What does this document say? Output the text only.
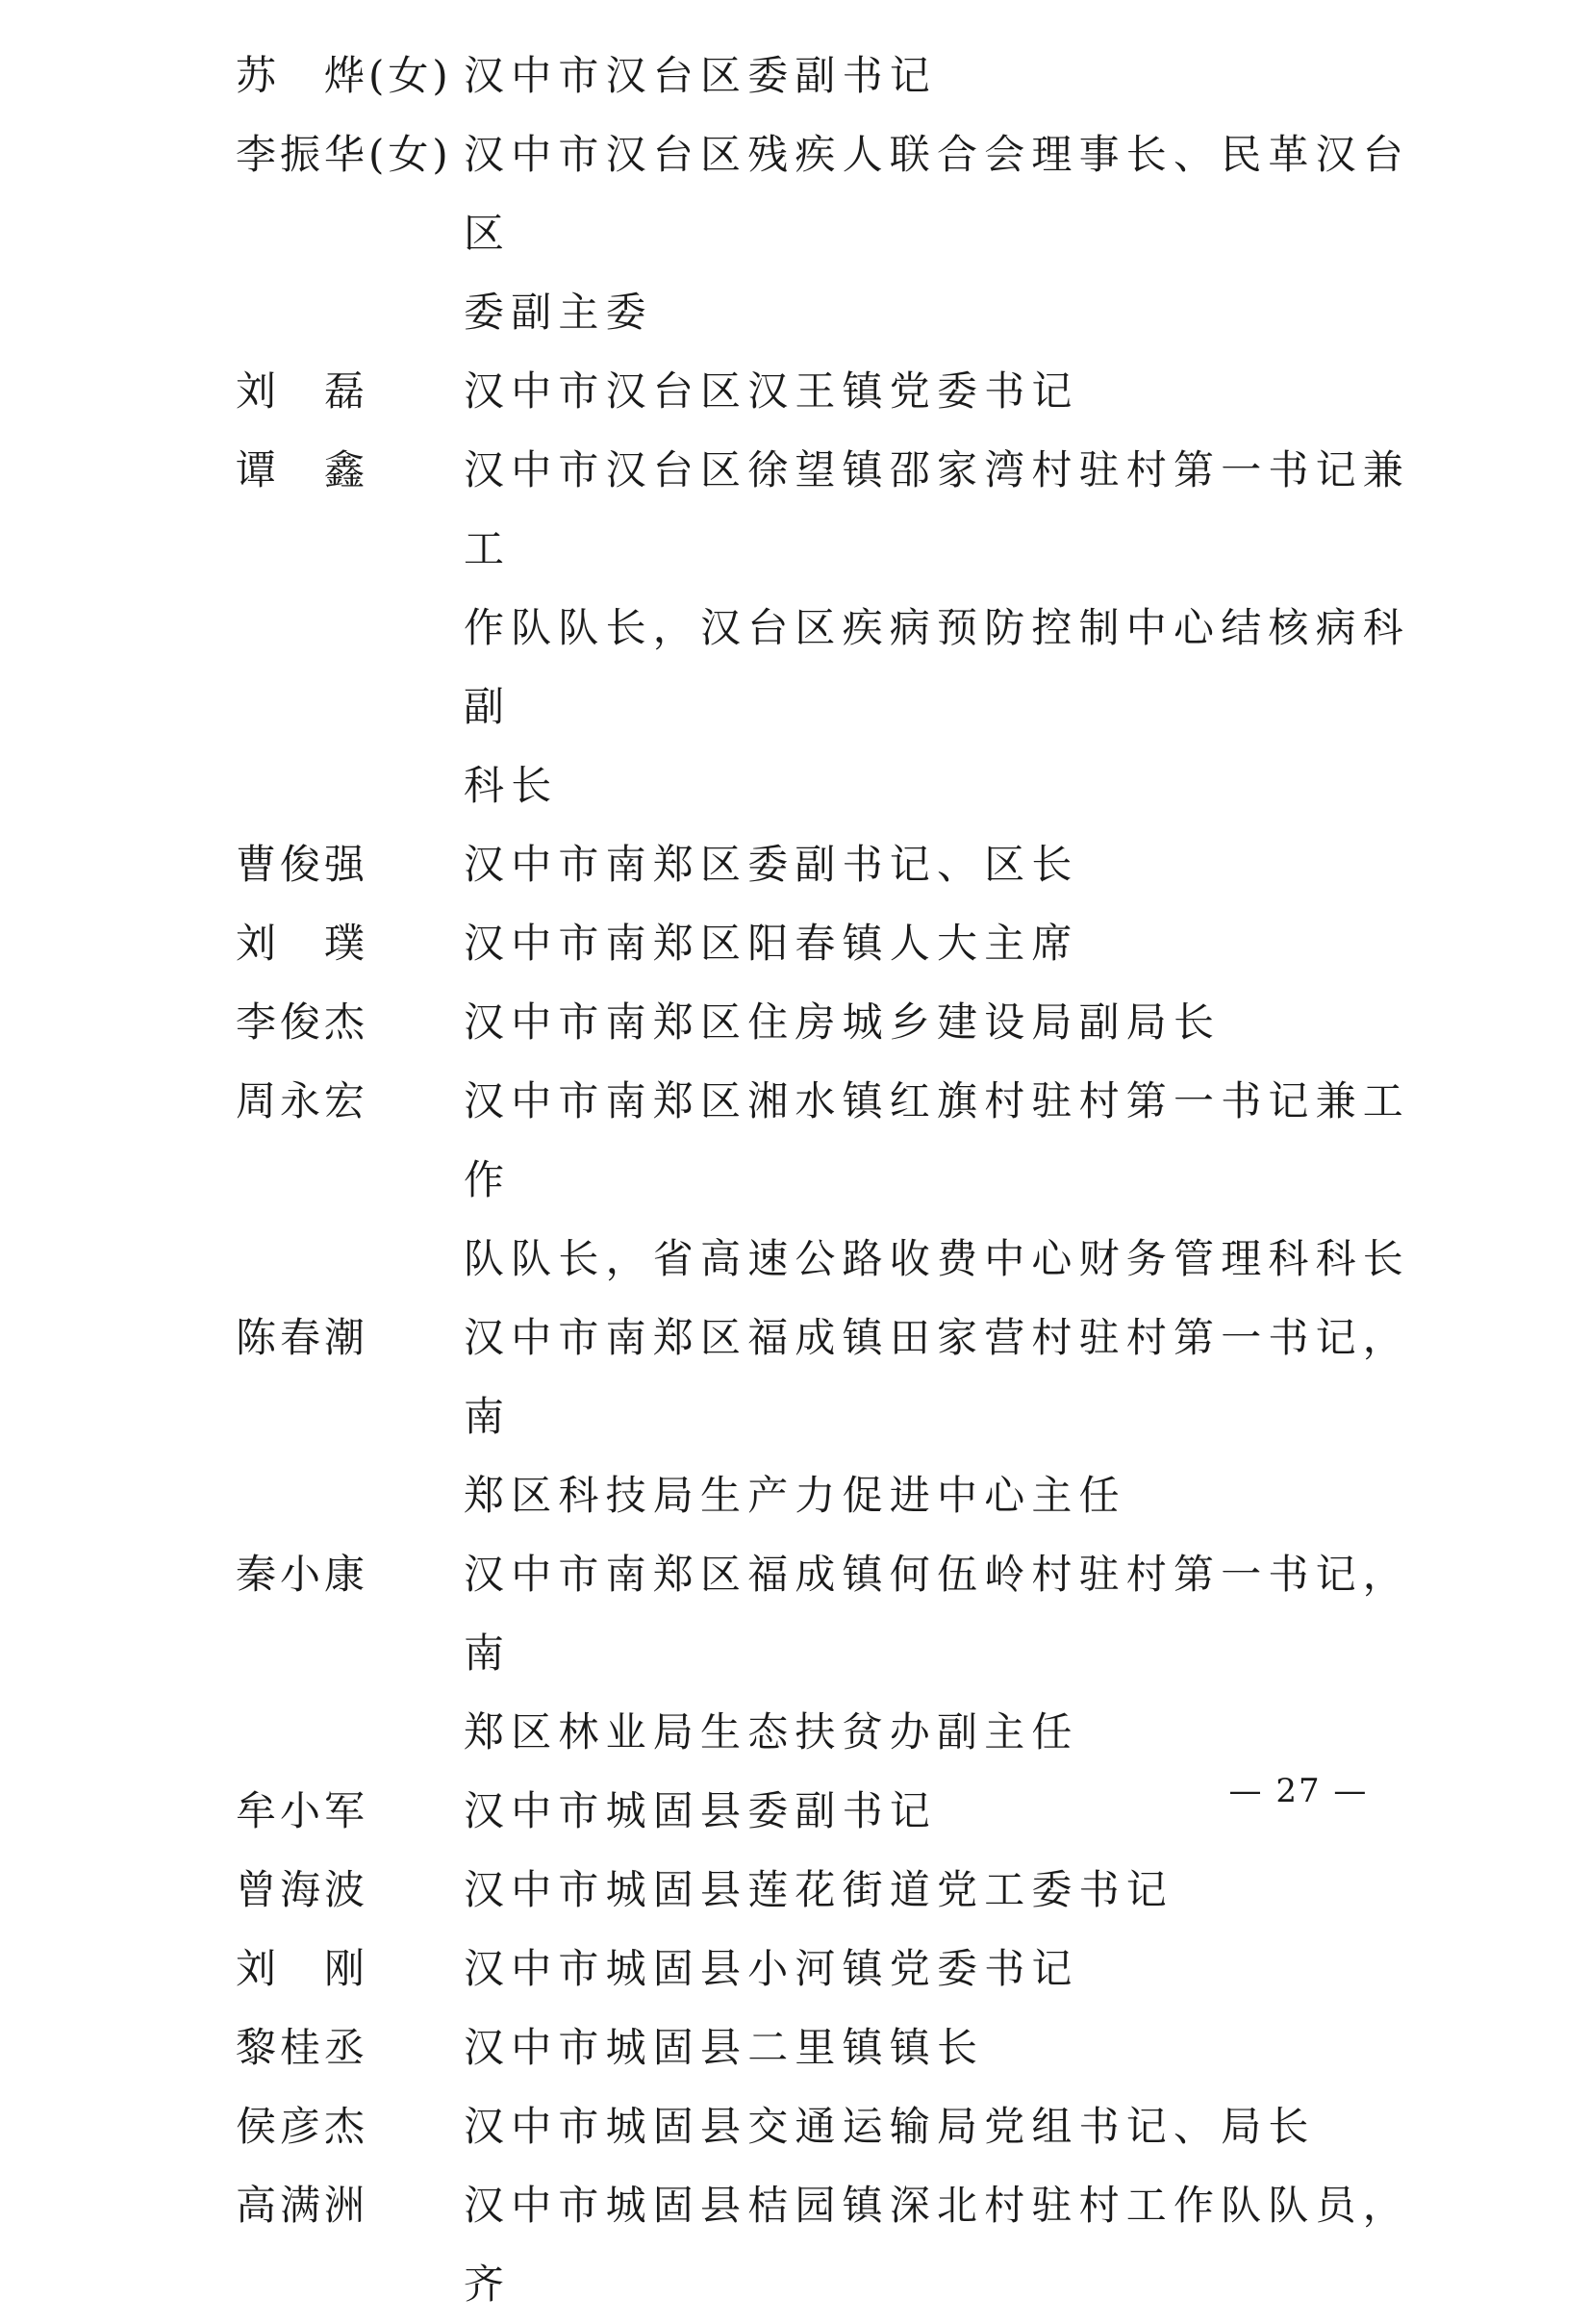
苏　烨(女) 汉中市汉台区委副书记
李振华(女) 汉中市汉台区残疾人联合会理事长、民革汉台区
委副主委
刘　磊	汉中市汉台区汉王镇党委书记
谭　鑫	汉中市汉台区徐望镇邵家湾村驻村第一书记兼工
作队队长，汉台区疾病预防控制中心结核病科副
科长
曹俊强	汉中市南郑区委副书记、区长
刘　璞	汉中市南郑区阳春镇人大主席
李俊杰	汉中市南郑区住房城乡建设局副局长
周永宏	汉中市南郑区湘水镇红旗村驻村第一书记兼工作
队队长，省高速公路收费中心财务管理科科长
陈春潮	汉中市南郑区福成镇田家营村驻村第一书记，南
郑区科技局生产力促进中心主任
秦小康	汉中市南郑区福成镇何伍岭村驻村第一书记，南
郑区林业局生态扶贫办副主任
牟小军	汉中市城固县委副书记
曾海波	汉中市城固县莲花街道党工委书记
刘　刚	汉中市城固县小河镇党委书记
黎桂丞	汉中市城固县二里镇镇长
侯彦杰	汉中市城固县交通运输局党组书记、局长
高满洲	汉中市城固县桔园镇深北村驻村工作队队员，齐
— 27 —
